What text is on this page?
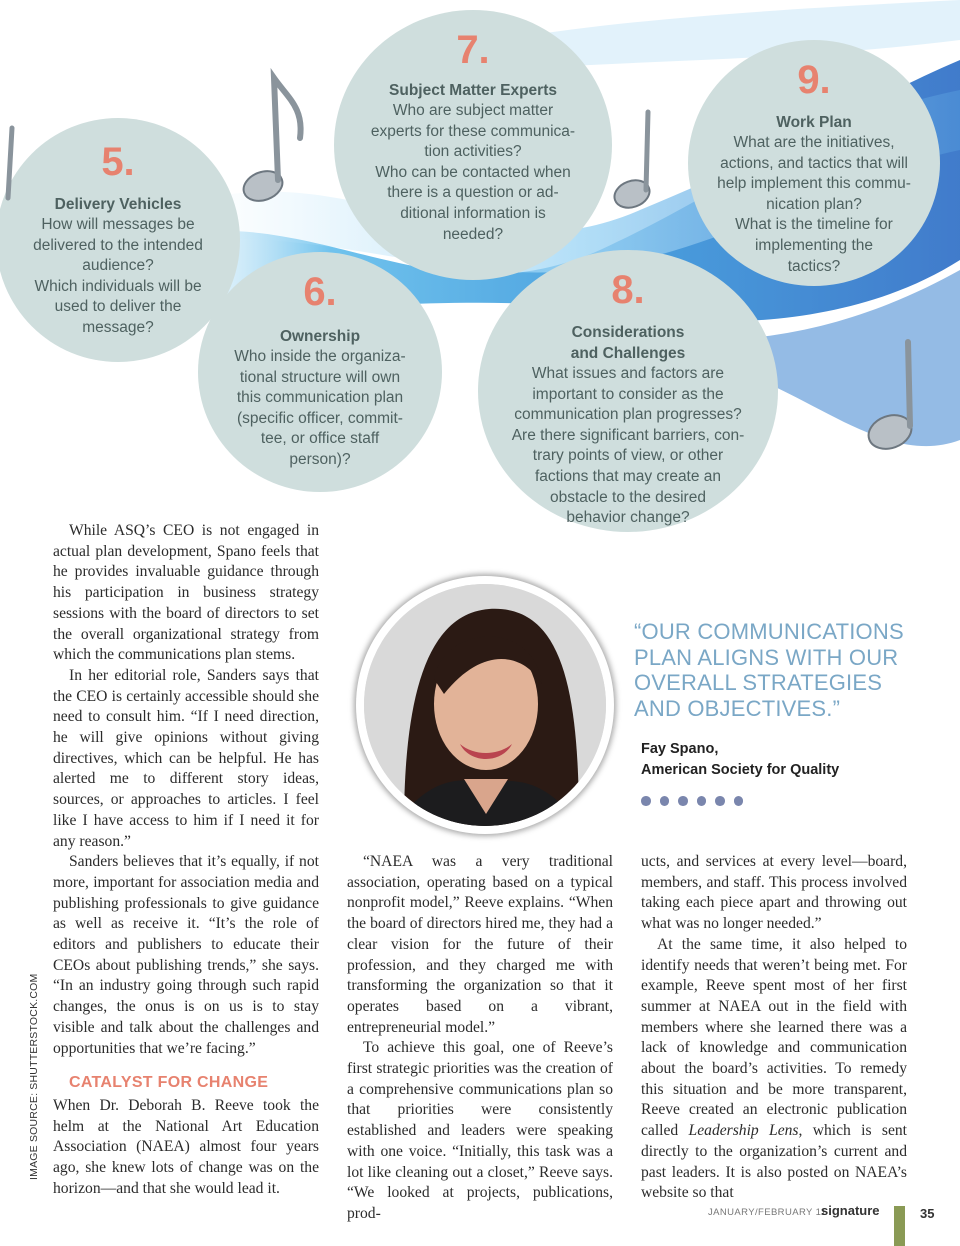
5.
Delivery Vehicles
How will messages be
delivered to the intended
audience?
Which individuals will be
used to deliver the
message?
7.
Subject Matter Experts
Who are subject matter
experts for these communica-
tion activities?
Who can be contacted when
there is a question or ad-
ditional information is
needed?
9.
Work Plan
What are the initiatives,
actions, and tactics that will
help implement this commu-
nication plan?
What is the timeline for
implementing the
tactics?
6.
Ownership
Who inside the organiza-
tional structure will own
this communication plan
(specific officer, commit-
tee, or office staff
person)?
8.
Considerations
and Challenges
What issues and factors are
important to consider as the
communication plan progresses?
Are there significant barriers, con-
trary points of view, or other
factions that may create an
obstacle to the desired
behavior change?

While ASQ’s CEO is not engaged in actual plan development, Spano feels that he provides invaluable guidance through his participation in business strategy sessions with the board of directors to set the overall organizational strategy from which the communications plan stems.

In her editorial role, Sanders says that the CEO is certainly accessible should she need to consult him. “If I need direction, he will give opinions without giving directives, which can be helpful. He has alerted me to different story ideas, sources, or approaches to articles. I feel like I have access to him if I need it for any reason.”

Sanders believes that it’s equally, if not more, important for association media and publishing professionals to give guidance as well as receive it. “It’s the role of editors and publishers to educate their CEOs about publishing trends,” she says. “In an industry going through such rapid changes, the onus is on us is to stay visible and talk about the challenges and opportunities that we’re facing.”

CATALYST FOR CHANGE

When Dr. Deborah B. Reeve took the helm at the National Art Education Association (NAEA) almost four years ago, she knew lots of change was on the horizon—and that she would lead it.

“OUR COMMUNICATIONS PLAN ALIGNS WITH OUR OVERALL STRATEGIES AND OBJECTIVES.”
Fay Spano,
American Society for Quality

“NAEA was a very traditional association, operating based on a typical nonprofit model,” Reeve explains. “When the board of directors hired me, they had a clear vision for the future of their profession, and they charged me with transforming the organization so that it operates based on a vibrant, entrepreneurial model.”

To achieve this goal, one of Reeve’s first strategic priorities was the creation of a comprehensive communications plan so that priorities were consistently established and leaders were speaking with one voice. “Initially, this task was a lot like cleaning out a closet,” Reeve says. “We looked at projects, publications, prod-

ucts, and services at every level—board, members, and staff. This process involved taking each piece apart and throwing out what was no longer needed.”

At the same time, it also helped to identify needs that weren’t being met. For example, Reeve spent most of her first summer at NAEA out in the field with members where she learned there was a lack of knowledge and communication about the board’s activities. To remedy this situation and be more transparent, Reeve created an electronic publication called Leadership Lens, which is sent directly to the organization’s current and past leaders. It is also posted on NAEA’s website so that

IMAGE SOURCE: SHUTTERSTOCK.COM
JANUARY/FEBRUARY 11
signature	35
